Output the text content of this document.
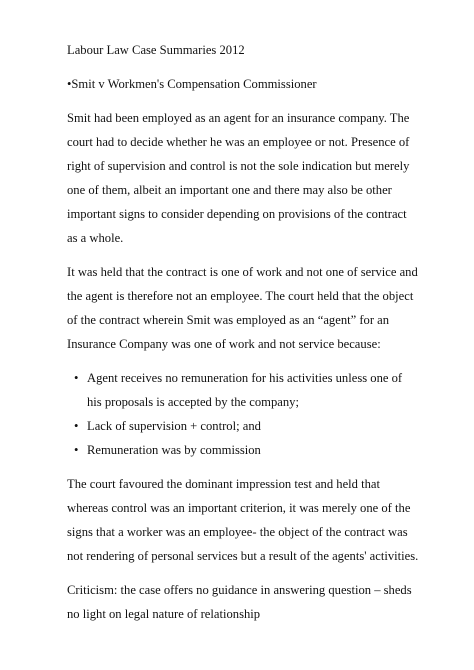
Labour Law Case Summaries 2012
•Smit v Workmen's Compensation Commissioner

Smit had been employed as an agent for an insurance company. The court had to decide whether he was an employee or not. Presence of right of supervision and control is not the sole indication but merely one of them, albeit an important one and there may also be other important signs to consider depending on provisions of the contract as a whole.

It was held that the contract is one of work and not one of service and the agent is therefore not an employee. The court held that the object of the contract wherein Smit was employed as an “agent” for an Insurance Company was one of work and not service because:

• Agent receives no remuneration for his activities unless one of his proposals is accepted by the company;
• Lack of supervision + control; and
• Remuneration was by commission

The court favoured the dominant impression test and held that whereas control was an important criterion, it was merely one of the signs that a worker was an employee- the object of the contract was not rendering of personal services but a result of the agents' activities.

Criticism: the case offers no guidance in answering question – sheds no light on legal nature of relationship
